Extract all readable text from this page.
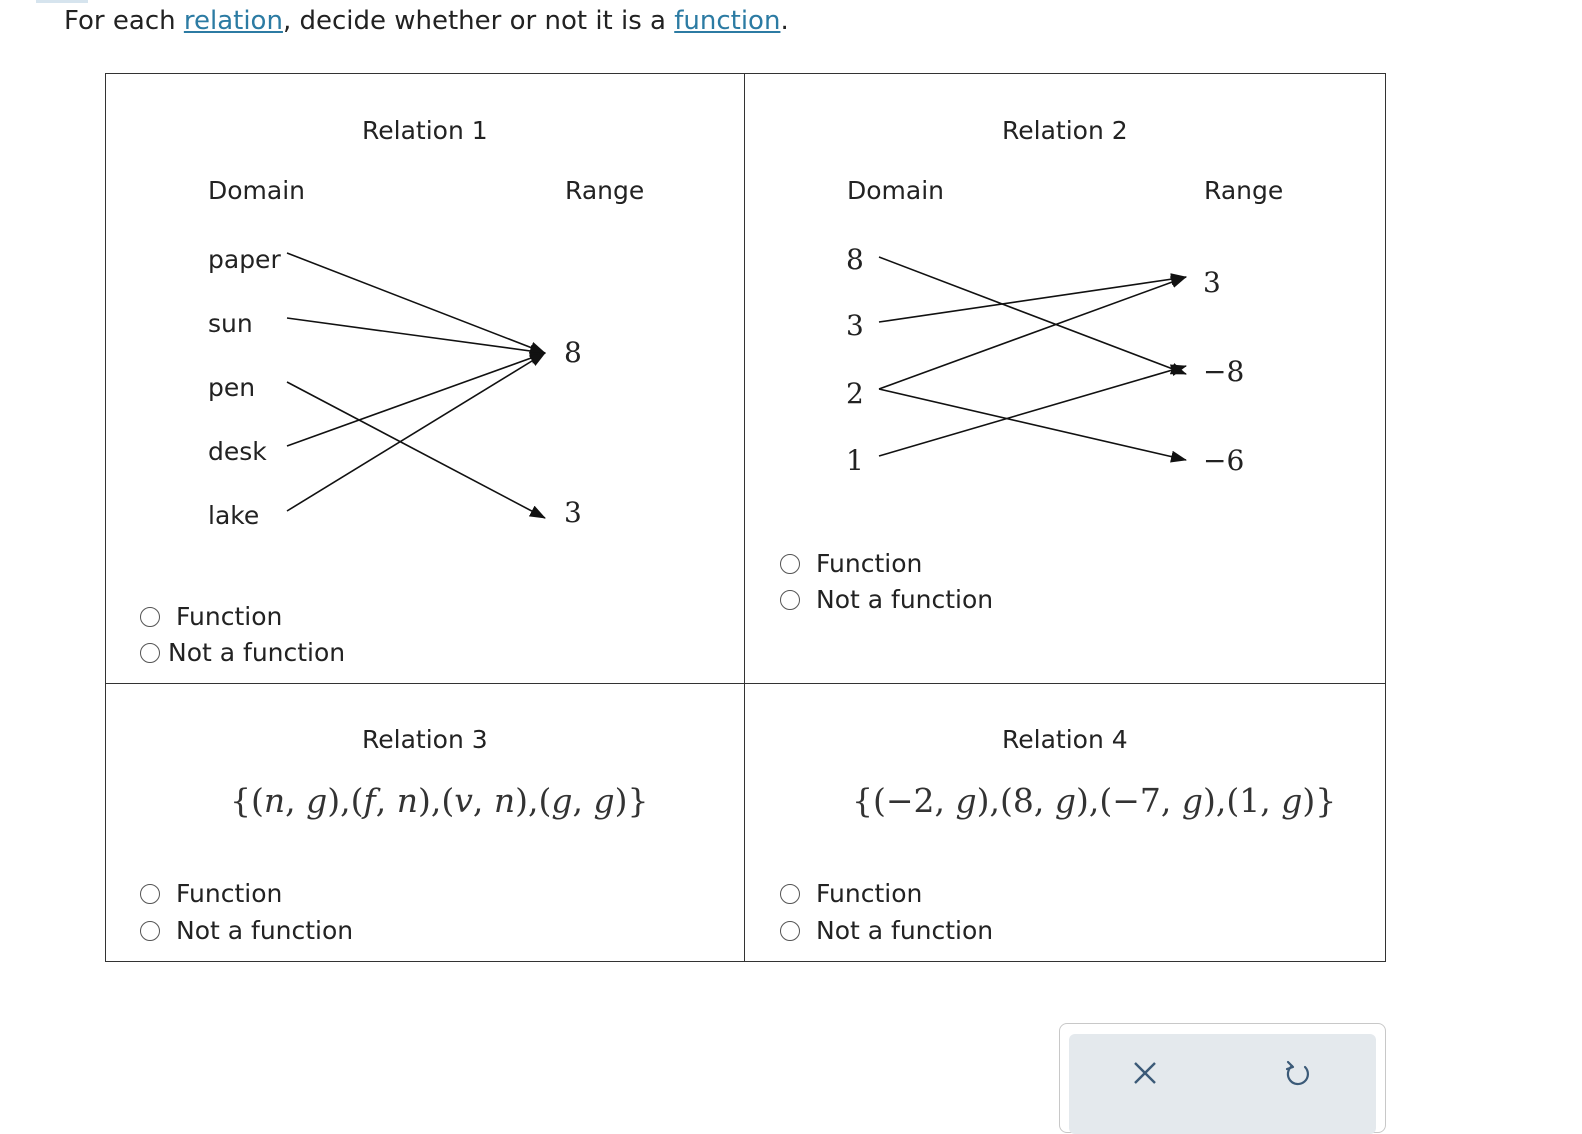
For each relation, decide whether or not it is a function.
Relation 1
Domain	Range
paper
sun
pen
desk
lake
8
3
Function
Not a function
Relation 2
Domain	Range
8
3
2
1
3
−8
−6
Function
Not a function
Relation 3
{(n, g),(f, n),(v, n),(g, g)}
Function
Not a function
Relation 4
{(−2, g),(8, g),(−7, g),(1, g)}
Function
Not a function
